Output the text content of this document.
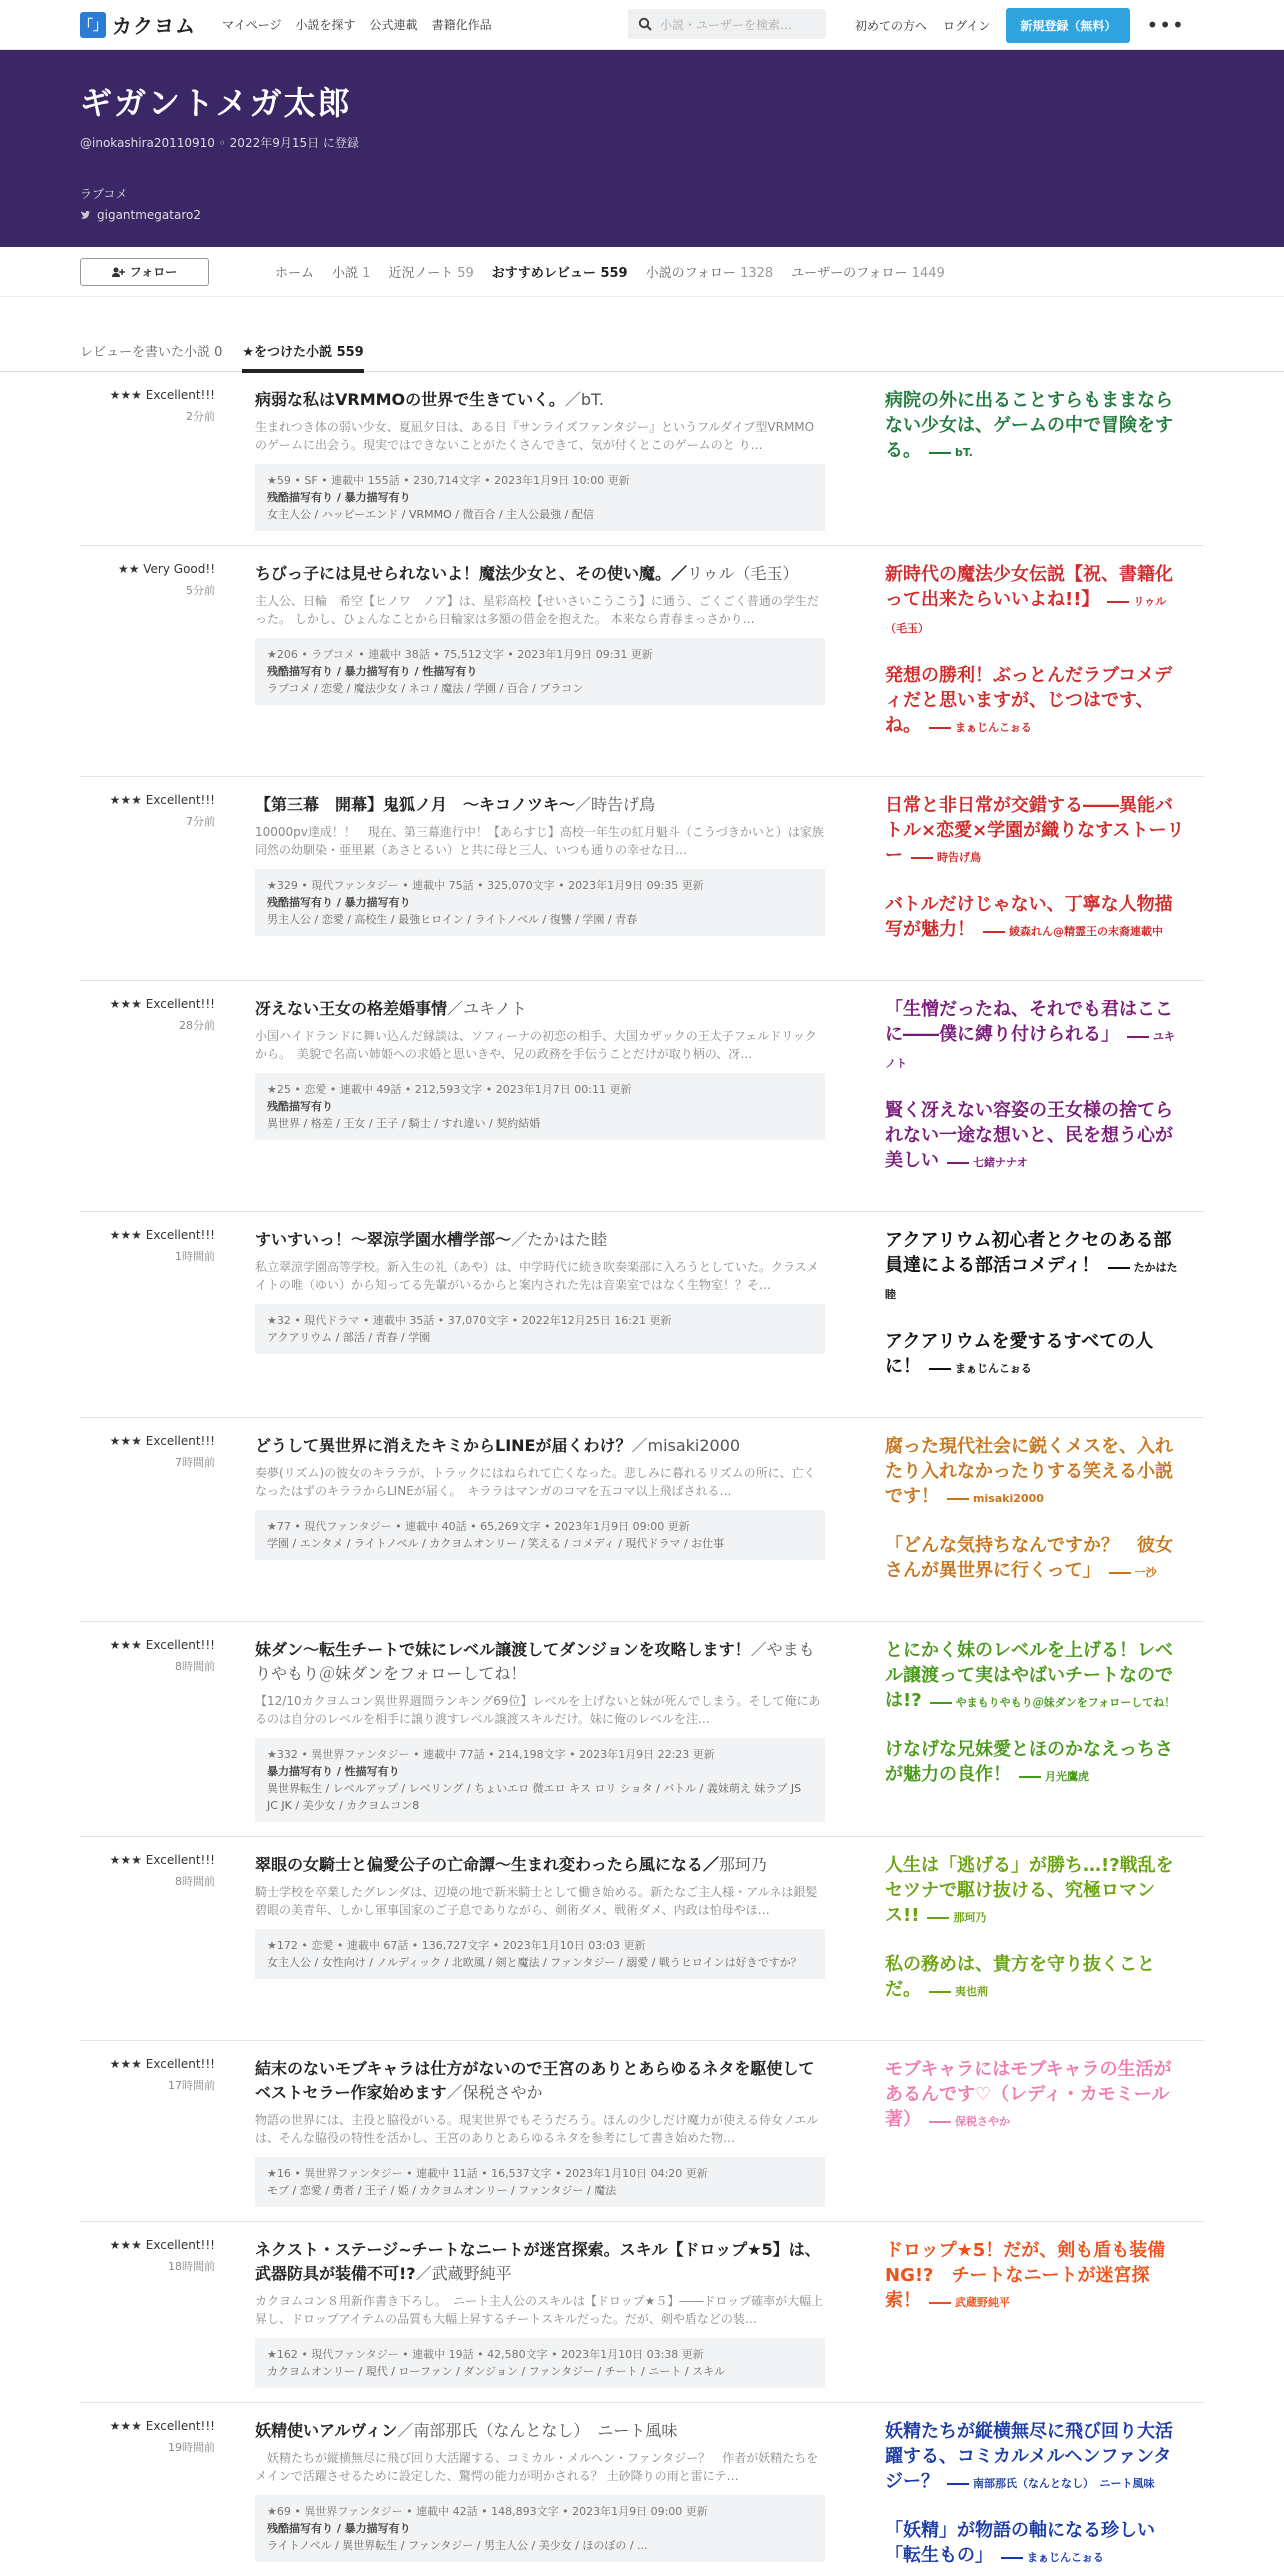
「」 カクヨム マイページ 小説を探す 公式連載 書籍化作品	小説・ユーザーを検索…	初めての方へ ログイン	新規登録（無料）	•••
ギガントメガ太郎
@inokashira20110910 ◦ 2022年9月15日 に登録
ラブコメ
gigantmegataro2
フォロー	ホーム 小説 1 近況ノート 59 おすすめレビュー 559 小説のフォロー 1328 ユーザーのフォロー 1449
レビューを書いた小説 0 ★をつけた小説 559
★★★ Excellent!!!
2分前
病弱な私はVRMMOの世界で生きていく。／bT.
生まれつき体の弱い少女、夏凪夕日は、ある日『サンライズファンタジー』というフルダイブ型VRMMOのゲームに出会う。現実ではできないことがたくさんできて、気が付くとこのゲームのと り…
★59 • SF • 連載中 155話 • 230,714文字 • 2023年1月9日 10:00 更新
残酷描写有り / 暴力描写有り
女主人公 / ハッピーエンド / VRMMO / 微百合 / 主人公最強 / 配信
病院の外に出ることすらもままならない少女は、ゲームの中で冒険をする。	bT.
★★ Very Good!!
5分前
ちびっ子には見せられないよ！魔法少女と、その使い魔。／リゥル（毛玉）
主人公、日輪　希空【ヒノワ　ノア】は、星彩高校【せいさいこうこう】に通う、ごくごく普通の学生だった。 しかし、ひょんなことから日輪家は多額の借金を抱えた。 本来なら青春まっさかり…
★206 • ラブコメ • 連載中 38話 • 75,512文字 • 2023年1月9日 09:31 更新
残酷描写有り / 暴力描写有り / 性描写有り
ラブコメ / 恋愛 / 魔法少女 / ネコ / 魔法 / 学園 / 百合 / ブラコン
新時代の魔法少女伝説【祝、書籍化って出来たらいいよね!!】	リゥル（毛玉）
発想の勝利！ぶっとんだラブコメディだと思いますが、じつはです、ね。	まぁじんこぉる
★★★ Excellent!!!
7分前
【第三幕　開幕】鬼狐ノ月　～キコノツキ～／時告げ鳥
10000pv達成！！　現在、第三幕進行中！【あらすじ】高校一年生の紅月魁斗（こうづきかいと）は家族同然の幼馴染・亜里累（あさとるい）と共に母と三人、いつも通りの幸せな日…
★329 • 現代ファンタジー • 連載中 75話 • 325,070文字 • 2023年1月9日 09:35 更新
残酷描写有り / 暴力描写有り
男主人公 / 恋愛 / 高校生 / 最強ヒロイン / ライトノベル / 復讐 / 学園 / 青春
日常と非日常が交錯する――異能バトル×恋愛×学園が織りなすストーリー	時告げ鳥
バトルだけじゃない、丁寧な人物描写が魅力！	綾森れん@精霊王の末裔連載中
★★★ Excellent!!!
28分前
冴えない王女の格差婚事情／ユキノト
小国ハイドランドに舞い込んだ縁談は、ソフィーナの初恋の相手、大国カザックの王太子フェルドリックから。　美貌で名高い姉姫への求婚と思いきや、兄の政務を手伝うことだけが取り柄の、冴…
★25 • 恋愛 • 連載中 49話 • 212,593文字 • 2023年1月7日 00:11 更新
残酷描写有り
異世界 / 格差 / 王女 / 王子 / 騎士 / すれ違い / 契約結婚
「生憎だったね、それでも君はここに――僕に縛り付けられる」	ユキノト
賢く冴えない容姿の王女様の捨てられない一途な想いと、民を想う心が美しい	七緒ナナオ
★★★ Excellent!!!
1時間前
すいすいっ！〜翠涼学園水槽学部〜／たかはた睦
私立翠涼学園高等学校。新入生の礼（あや）は、中学時代に続き吹奏楽部に入ろうとしていた。クラスメイトの唯（ゆい）から知ってる先輩がいるからと案内された先は音楽室ではなく生物室！？そ…
★32 • 現代ドラマ • 連載中 35話 • 37,070文字 • 2022年12月25日 16:21 更新
アクアリウム / 部活 / 青春 / 学園
アクアリウム初心者とクセのある部員達による部活コメディ！	たかはた睦
アクアリウムを愛するすべての人に！	まぁじんこぉる
★★★ Excellent!!!
7時間前
どうして異世界に消えたキミからLINEが届くわけ？／misaki2000
奏夢(リズム)の彼女のキララが、トラックにはねられて亡くなった。悲しみに暮れるリズムの所に、亡くなったはずのキララからLINEが届く。　キララはマンガのコマを五コマ以上飛ばされる…
★77 • 現代ファンタジー • 連載中 40話 • 65,269文字 • 2023年1月9日 09:00 更新
学園 / エンタメ / ライトノベル / カクヨムオンリー / 笑える / コメディ / 現代ドラマ / お仕事
腐った現代社会に鋭くメスを、入れたり入れなかったりする笑える小説です！	misaki2000
「どんな気持ちなんですか？　彼女さんが異世界に行くって」	一沙
★★★ Excellent!!!
8時間前
妹ダン〜転生チートで妹にレベル譲渡してダンジョンを攻略します！／やまもりやもり＠妹ダンをフォローしてね！
【12/10カクヨムコン異世界週間ランキング69位】レベルを上げないと妹が死んでしまう。そして俺にあるのは自分のレベルを相手に譲り渡すレベル譲渡スキルだけ。妹に俺のレベルを注…
★332 • 異世界ファンタジー • 連載中 77話 • 214,198文字 • 2023年1月9日 22:23 更新
暴力描写有り / 性描写有り
異世界転生 / レベルアップ / レベリング / ちょいエロ 微エロ キス ロリ ショタ / バトル / 義妹萌え 妹ラブ JS JC JK / 美少女 / カクヨムコン8
とにかく妹のレベルを上げる！レベル譲渡って実はやばいチートなのでは!?	やまもりやもり＠妹ダンをフォローしてね！
けなげな兄妹愛とほのかなえっちさが魅力の良作！	月光鷹虎
★★★ Excellent!!!
8時間前
翠眼の女騎士と偏愛公子の亡命譚〜生まれ変わったら風になる／那珂乃
騎士学校を卒業したグレンダは、辺境の地で新米騎士として働き始める。新たなご主人様・アルネは銀髪碧眼の美青年、しかし軍事国家のご子息でありながら、剣術ダメ、戦術ダメ、内政は怕母やほ…
★172 • 恋愛 • 連載中 67話 • 136,727文字 • 2023年1月10日 03:03 更新
女主人公 / 女性向け / ノルディック / 北欧風 / 剣と魔法 / ファンタジー / 溺愛 / 戦うヒロインは好きですか？
人生は「逃げる」が勝ち…!?戦乱をセツナで駆け抜ける、究極ロマンス!!	那珂乃
私の務めは、貴方を守り抜くことだ。	夷也荊
★★★ Excellent!!!
17時間前
結末のないモブキャラは仕方がないので王宮のありとあらゆるネタを駆使してベストセラー作家始めます／保税さやか
物語の世界には、主役と脇役がいる。現実世界でもそうだろう。ほんの少しだけ魔力が使える侍女ノエルは、そんな脇役の特性を活かし、王宮のありとあらゆるネタを参考にして書き始めた物…
★16 • 異世界ファンタジー • 連載中 11話 • 16,537文字 • 2023年1月10日 04:20 更新
モブ / 恋愛 / 勇者 / 王子 / 姫 / カクヨムオンリー / ファンタジー / 魔法
モブキャラにはモブキャラの生活があるんです♡（レディ・カモミール著）	保税さやか
★★★ Excellent!!!
18時間前
ネクスト・ステージ~チートなニートが迷宮探索。スキル【ドロップ★5】は、武器防具が装備不可!?／武蔵野純平
カクヨムコン８用新作書き下ろし。　ニート主人公のスキルは【ドロップ★５】――ドロップ確率が大幅上昇し、ドロップアイテムの品質も大幅上昇するチートスキルだった。だが、剣や盾などの装…
★162 • 現代ファンタジー • 連載中 19話 • 42,580文字 • 2023年1月10日 03:38 更新
カクヨムオンリー / 現代 / ローファン / ダンジョン / ファンタジー / チート / ニート / スキル
ドロップ★5！だが、剣も盾も装備NG!?　チートなニートが迷宮探索！	武蔵野純平
★★★ Excellent!!!
19時間前
妖精使いアルヴィン／南部那氏（なんとなし）　ニート風味
　妖精たちが縦横無尽に飛び回り大活躍する、コミカル・メルヘン・ファンタジー？　作者が妖精たちをメインで活躍させるために設定した、驚愕の能力が明かされる？ 土砂降りの雨と雷にテ…
★69 • 異世界ファンタジー • 連載中 42話 • 148,893文字 • 2023年1月9日 09:00 更新
残酷描写有り / 暴力描写有り
ライトノベル / 異世界転生 / ファンタジー / 男主人公 / 美少女 / ほのぼの / ...
妖精たちが縦横無尽に飛び回り大活躍する、コミカルメルヘンファンタジー？	南部那氏（なんとなし）　ニート風味
「妖精」が物語の軸になる珍しい「転生もの」	まぁじんこぉる
